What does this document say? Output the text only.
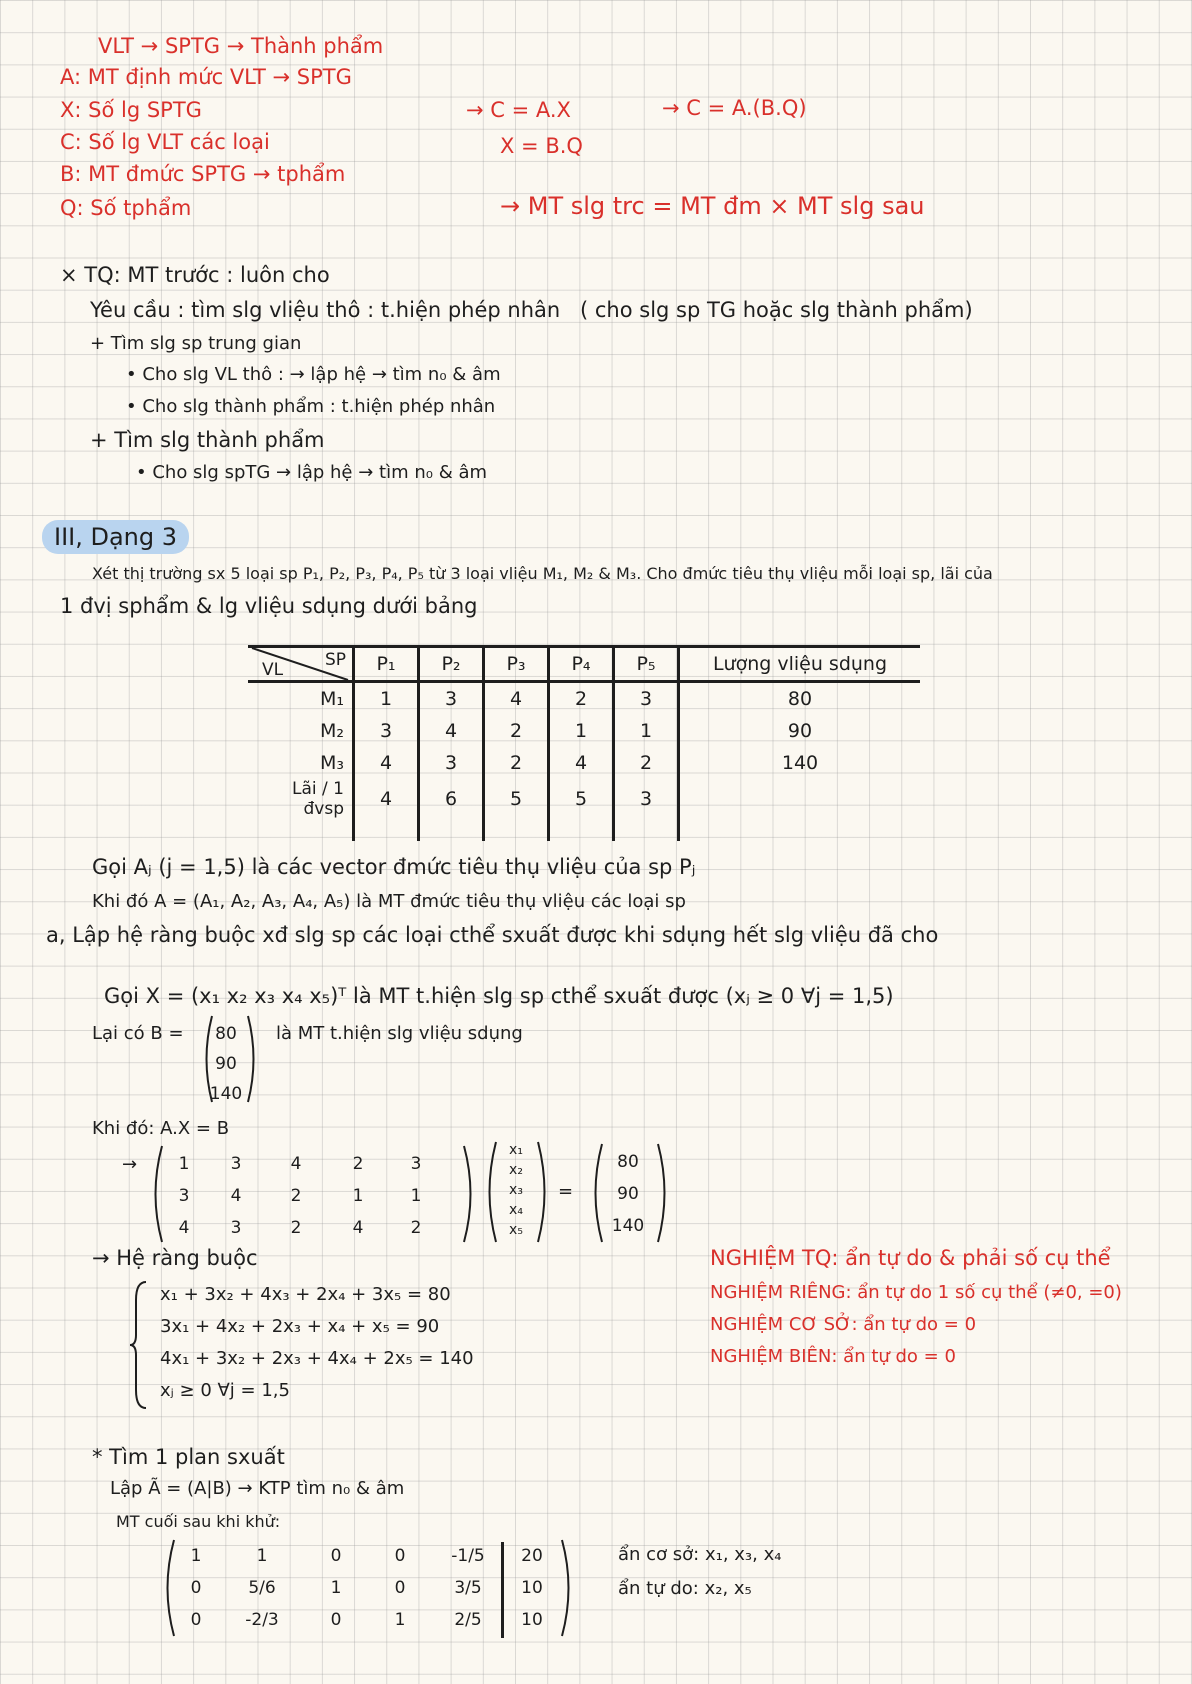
VLT → SPTG → Thành phẩm
A: MT định mức VLT → SPTG
X: Số lg SPTG
C: Số lg VLT các loại
B: MT đmức SPTG → tphẩm
Q: Số tphẩm
→ C = A.X	→ C = A.(B.Q)
X = B.Q
→ MT slg trc = MT đm × MT slg sau
× TQ: MT trước : luôn cho
Yêu cầu : tìm slg vliệu thô : t.hiện phép nhân ( cho slg sp TG hoặc slg thành phẩm)
+ Tìm slg sp trung gian
• Cho slg VL thô : → lập hệ → tìm n₀ & âm
• Cho slg thành phẩm : t.hiện phép nhân
+ Tìm slg thành phẩm
• Cho slg spTG → lập hệ → tìm n₀ & âm
III, Dạng 3
Xét thị trường sx 5 loại sp P₁, P₂, P₃, P₄, P₅ từ 3 loại vliệu M₁, M₂ & M₃. Cho đmức tiêu thụ vliệu mỗi loại sp, lãi của
1 đvị sphẩm & lg vliệu sdụng dưới bảng
SP
VL	P₁	P₂	P₃	P₄	P₅	Lượng vliệu sdụng
M₁	1	3	4	2	3	80
M₂	3	4	2	1	1	90
M₃	4	3	2	4	2	140
Lãi / 1 đvsp	4	6	5	5	3	

Gọi Aⱼ (j = 1,5) là các vector đmức tiêu thụ vliệu của sp Pⱼ
Khi đó A = (A₁, A₂, A₃, A₄, A₅) là MT đmức tiêu thụ vliệu các loại sp
a, Lập hệ ràng buộc xđ slg sp các loại cthể sxuất được khi sdụng hết slg vliệu đã cho
Gọi X = (x₁ x₂ x₃ x₄ x₅)ᵀ là MT t.hiện slg sp cthể sxuất được (xⱼ ≥ 0 ∀j = 1,5)
Lại có B =	80
90
140
là MT t.hiện slg vliệu sdụng
Khi đó: A.X = B
→	1	3	4	2	3
3	4	2	1	1
4	3	2	4	2
x₁
x₂
x₃
x₄
x₅
=
80
90
140
→ Hệ ràng buộc
x₁ + 3x₂ + 4x₃ + 2x₄ + 3x₅ = 80
3x₁ + 4x₂ + 2x₃ + x₄ + x₅ = 90
4x₁ + 3x₂ + 2x₃ + 4x₄ + 2x₅ = 140
xⱼ ≥ 0 ∀j = 1,5
NGHIỆM TQ: ẩn tự do & phải số cụ thể
NGHIỆM RIÊNG: ẩn tự do 1 số cụ thể (≠0, =0)
NGHIỆM CƠ SỞ: ẩn tự do = 0
NGHIỆM BIÊN: ẩn tự do = 0
* Tìm 1 plan sxuất
Lập Ã = (A|B) → KTP tìm n₀ & âm
MT cuối sau khi khử:
1	1	0	0	-1/5	20
0	5/6	1	0	3/5	10
0	-2/3	0	1	2/5	10
ẩn cơ sở: x₁, x₃, x₄
ẩn tự do: x₂, x₅
